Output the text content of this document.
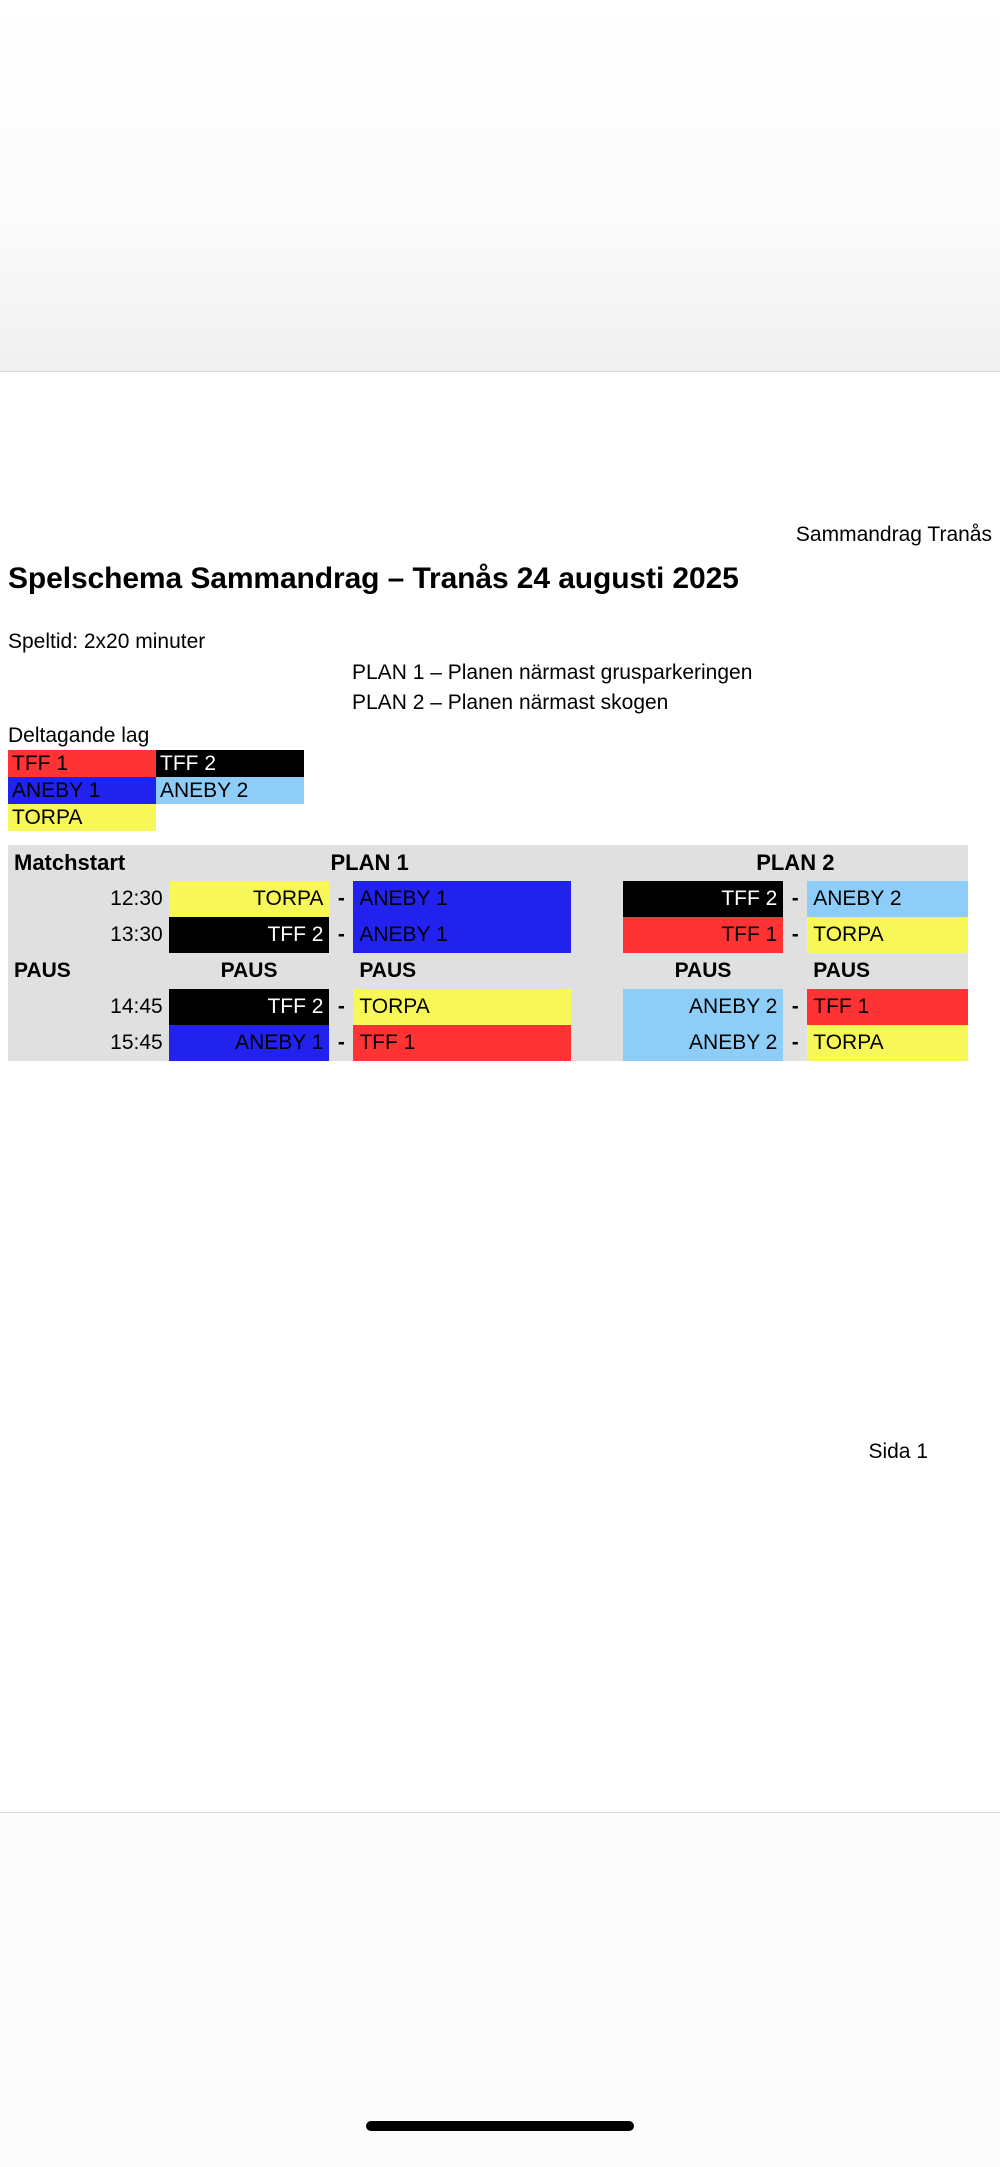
Sammandrag Tranås
Spelschema Sammandrag – Tranås 24 augusti 2025
Speltid: 2x20 minuter
PLAN 1 – Planen närmast grusparkeringen
PLAN 2 – Planen närmast skogen
Deltagande lag
TFF 1	TFF 2
ANEBY 1	ANEBY 2
TORPA	
Matchstart	PLAN 1				PLAN 2		
12:30	TORPA	-	ANEBY 1		TFF 2	-	ANEBY 2
13:30	TFF 2	-	ANEBY 1		TFF 1	-	TORPA
PAUS	PAUS		PAUS		PAUS		PAUS
14:45	TFF 2	-	TORPA		ANEBY 2	-	TFF 1
15:45	ANEBY 1	-	TFF 1		ANEBY 2	-	TORPA
Sida 1
